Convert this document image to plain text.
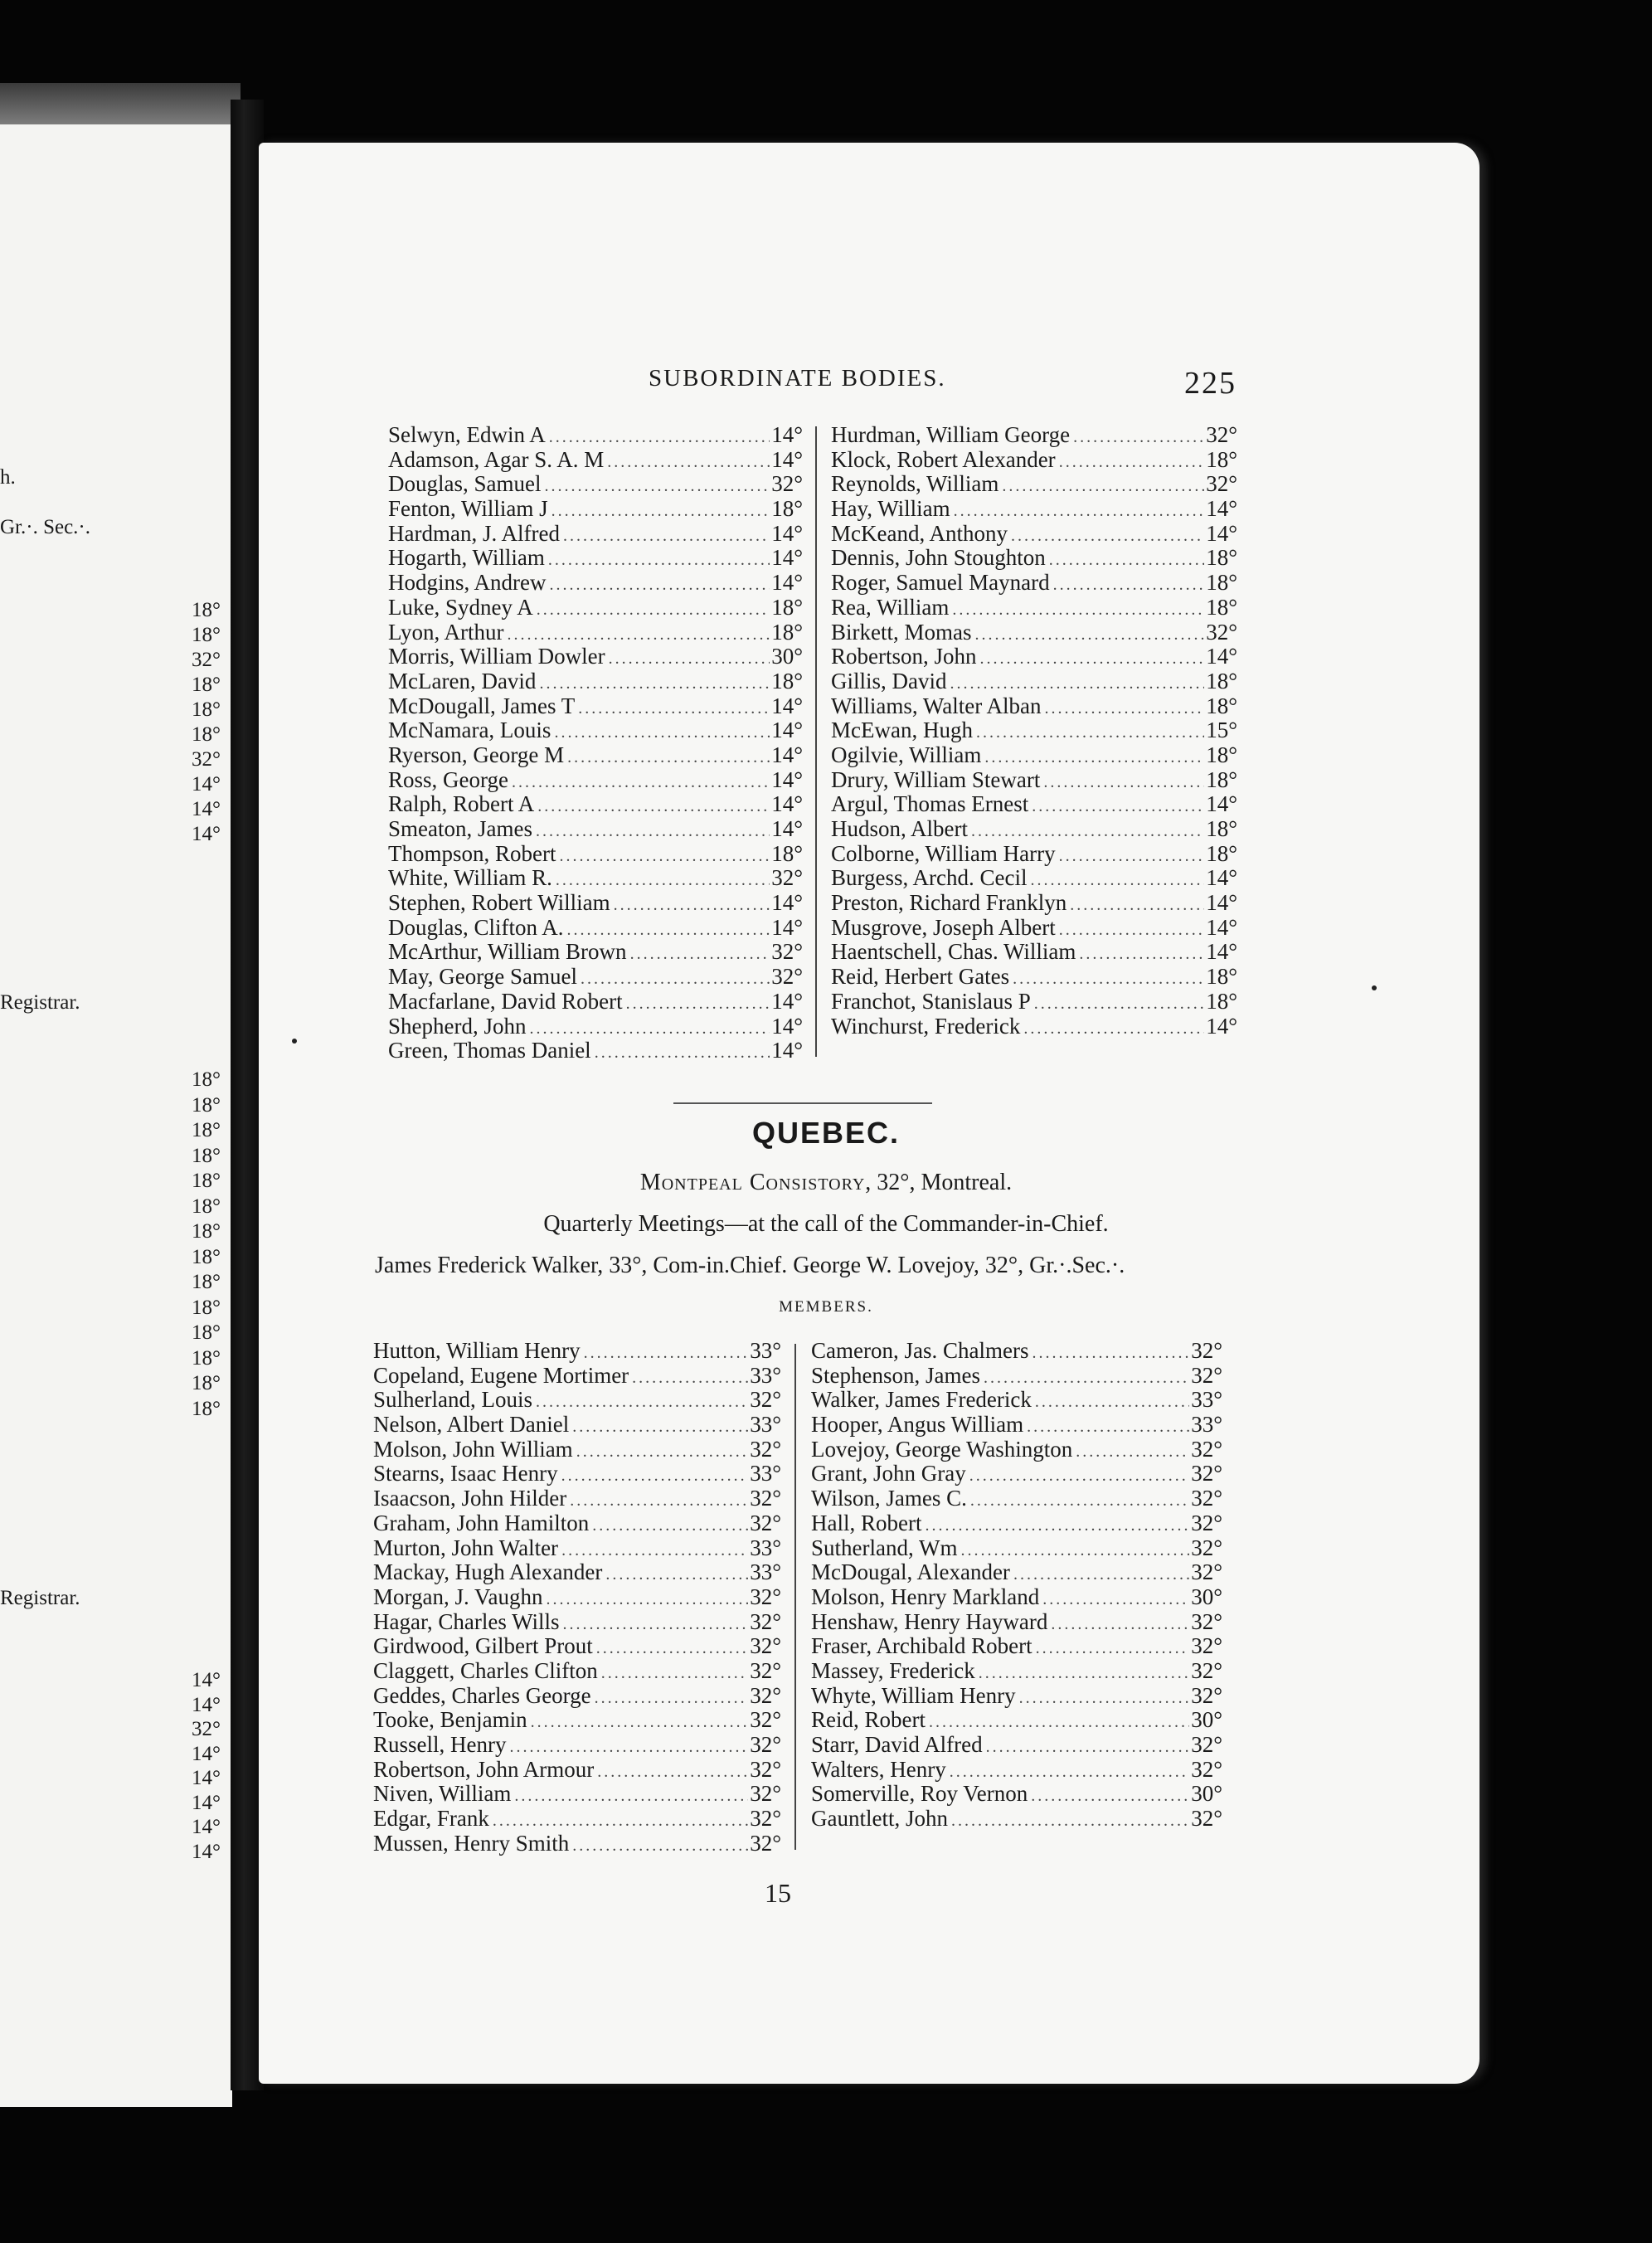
h.
Gr.·. Sec.·.
Registrar.
Registrar.
18°
18°
32°
18°
18°
18°
32°
14°
14°
14°
18°
18°
18°
18°
18°
18°
18°
18°
18°
18°
18°
18°
18°
18°
14°
14°
32°
14°
14°
14°
14°
14°
SUBORDINATE BODIES.	225
Selwyn, Edwin A .....	14°
Adamson, Agar S. A. M .....	14°
Douglas, Samuel .....	32°
Fenton, William J .....	18°
Hardman, J. Alfred .....	14°
Hogarth, William .....	14°
Hodgins, Andrew .....	14°
Luke, Sydney A .....	18°
Lyon, Arthur .....	18°
Morris, William Dowler .....	30°
McLaren, David .....	18°
McDougall, James T .....	14°
McNamara, Louis .....	14°
Ryerson, George M .....	14°
Ross, George .....	14°
Ralph, Robert A .....	14°
Smeaton, James .....	14°
Thompson, Robert .....	18°
White, William R. .....	32°
Stephen, Robert William .....	14°
Douglas, Clifton A. .....	14°
McArthur, William Brown .....	32°
May, George Samuel .....	32°
Macfarlane, David Robert .....	14°
Shepherd, John .....	14°
Green, Thomas Daniel .....	14°
Hurdman, William George .....	32°
Klock, Robert Alexander .....	18°
Reynolds, William .....	32°
Hay, William .....	14°
McKeand, Anthony .....	14°
Dennis, John Stoughton .....	18°
Roger, Samuel Maynard .....	18°
Rea, William .....	18°
Birkett, Momas .....	32°
Robertson, John .....	14°
Gillis, David .....	18°
Williams, Walter Alban .....	18°
McEwan, Hugh .....	15°
Ogilvie, William .....	18°
Drury, William Stewart .....	18°
Argul, Thomas Ernest .....	14°
Hudson, Albert .....	18°
Colborne, William Harry .....	18°
Burgess, Archd. Cecil .....	14°
Preston, Richard Franklyn .....	14°
Musgrove, Joseph Albert .....	14°
Haentschell, Chas. William .....	14°
Reid, Herbert Gates .....	18°
Franchot, Stanislaus P .....	18°
Winchurst, Frederick .....	14°
QUEBEC.
Montpeal Consistory, 32°, Montreal.
Quarterly Meetings—at the call of the Commander-in-Chief.
James Frederick Walker, 33°, Com-in.Chief. George W. Lovejoy, 32°, Gr.·.Sec.·.
MEMBERS.
Hutton, William Henry .....	33°
Copeland, Eugene Mortimer .....	33°
Sulherland, Louis .....	32°
Nelson, Albert Daniel .....	33°
Molson, John William .....	32°
Stearns, Isaac Henry .....	33°
Isaacson, John Hilder .....	32°
Graham, John Hamilton .....	32°
Murton, John Walter .....	33°
Mackay, Hugh Alexander .....	33°
Morgan, J. Vaughn .....	32°
Hagar, Charles Wills .....	32°
Girdwood, Gilbert Prout .....	32°
Claggett, Charles Clifton .....	32°
Geddes, Charles George .....	32°
Tooke, Benjamin .....	32°
Russell, Henry .....	32°
Robertson, John Armour .....	32°
Niven, William .....	32°
Edgar, Frank .....	32°
Mussen, Henry Smith .....	32°
Cameron, Jas. Chalmers .....	32°
Stephenson, James .....	32°
Walker, James Frederick .....	33°
Hooper, Angus William .....	33°
Lovejoy, George Washington .....	32°
Grant, John Gray .....	32°
Wilson, James C. .....	32°
Hall, Robert .....	32°
Sutherland, Wm .....	32°
McDougal, Alexander .....	32°
Molson, Henry Markland .....	30°
Henshaw, Henry Hayward .....	32°
Fraser, Archibald Robert .....	32°
Massey, Frederick .....	32°
Whyte, William Henry .....	32°
Reid, Robert .....	30°
Starr, David Alfred .....	32°
Walters, Henry .....	32°
Somerville, Roy Vernon .....	30°
Gauntlett, John .....	32°
15
